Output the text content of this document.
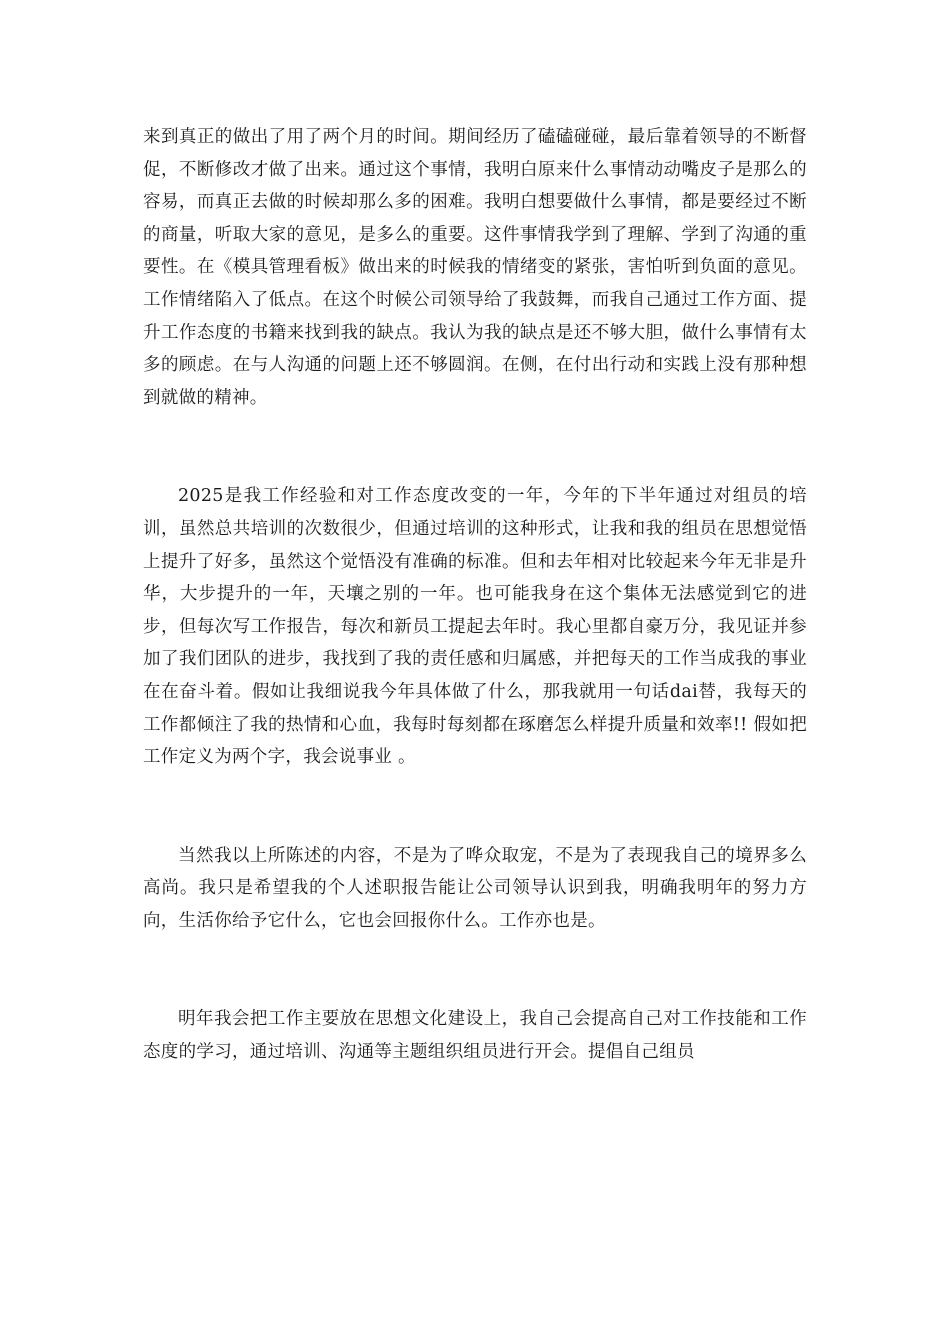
来到真正的做出了用了两个月的时间。期间经历了磕磕碰碰，最后靠着领导的不断督促，不断修改才做了出来。通过这个事情，我明白原来什么事情动动嘴皮子是那么的容易，而真正去做的时候却那么多的困难。我明白想要做什么事情，都是要经过不断的商量，听取大家的意见，是多么的重要。这件事情我学到了理解、学到了沟通的重要性。在《模具管理看板》做出来的时候我的情绪变的紧张，害怕听到负面的意见。工作情绪陷入了低点。在这个时候公司领导给了我鼓舞，而我自己通过工作方面、提升工作态度的书籍来找到我的缺点。我认为我的缺点是还不够大胆，做什么事情有太多的顾虑。在与人沟通的问题上还不够圆润。在侧，在付出行动和实践上没有那种想到就做的精神。

2025是我工作经验和对工作态度改变的一年，今年的下半年通过对组员的培训，虽然总共培训的次数很少，但通过培训的这种形式，让我和我的组员在思想觉悟上提升了好多，虽然这个觉悟没有准确的标准。但和去年相对比较起来今年无非是升华，大步提升的一年，天壤之别的一年。也可能我身在这个集体无法感觉到它的进步，但每次写工作报告，每次和新员工提起去年时。我心里都自豪万分，我见证并参加了我们团队的进步，我找到了我的责任感和归属感，并把每天的工作当成我的事业在在奋斗着。假如让我细说我今年具体做了什么，那我就用一句话dai替，我每天的工作都倾注了我的热情和心血，我每时每刻都在琢磨怎么样提升质量和效率!! 假如把工作定义为两个字，我会说事业 。

当然我以上所陈述的内容，不是为了哗众取宠，不是为了表现我自己的境界多么高尚。我只是希望我的个人述职报告能让公司领导认识到我，明确我明年的努力方向，生活你给予它什么，它也会回报你什么。工作亦也是。

明年我会把工作主要放在思想文化建设上，我自己会提高自己对工作技能和工作态度的学习，通过培训、沟通等主题组织组员进行开会。提倡自己组员
